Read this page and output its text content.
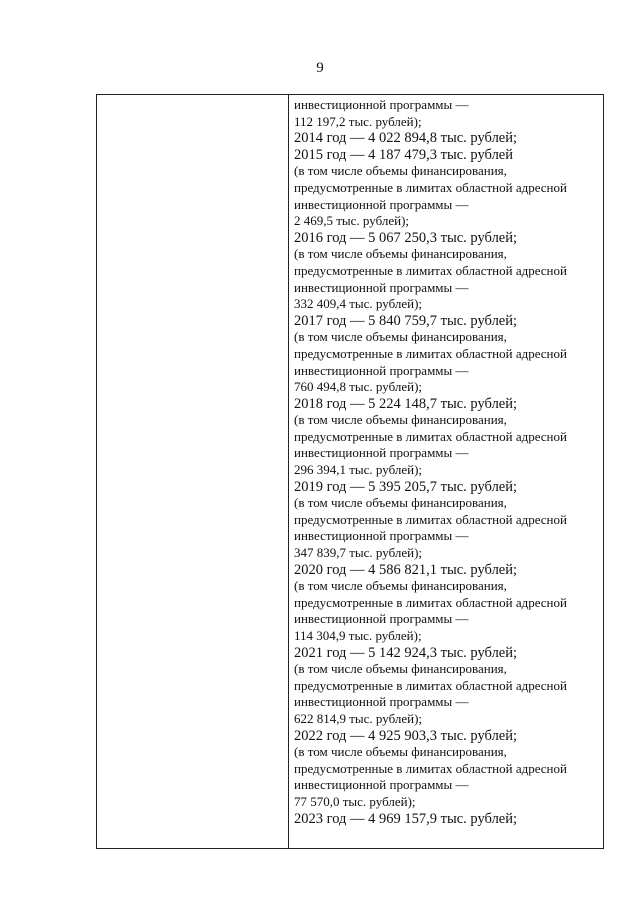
9
инвестиционной программы —
112 197,2 тыс. рублей);
2014 год — 4 022 894,8 тыс. рублей;
2015 год — 4 187 479,3 тыс. рублей
(в том числе объемы финансирования,
предусмотренные в лимитах областной адресной
инвестиционной программы —
2 469,5 тыс. рублей);
2016 год — 5 067 250,3 тыс. рублей;
(в том числе объемы финансирования,
предусмотренные в лимитах областной адресной
инвестиционной программы —
332 409,4 тыс. рублей);
2017 год — 5 840 759,7 тыс. рублей;
(в том числе объемы финансирования,
предусмотренные в лимитах областной адресной
инвестиционной программы —
760 494,8 тыс. рублей);
2018 год — 5 224 148,7 тыс. рублей;
(в том числе объемы финансирования,
предусмотренные в лимитах областной адресной
инвестиционной программы —
296 394,1 тыс. рублей);
2019 год — 5 395 205,7 тыс. рублей;
(в том числе объемы финансирования,
предусмотренные в лимитах областной адресной
инвестиционной программы —
347 839,7 тыс. рублей);
2020 год — 4 586 821,1 тыс. рублей;
(в том числе объемы финансирования,
предусмотренные в лимитах областной адресной
инвестиционной программы —
114 304,9 тыс. рублей);
2021 год — 5 142 924,3 тыс. рублей;
(в том числе объемы финансирования,
предусмотренные в лимитах областной адресной
инвестиционной программы —
622 814,9 тыс. рублей);
2022 год — 4 925 903,3 тыс. рублей;
(в том числе объемы финансирования,
предусмотренные в лимитах областной адресной
инвестиционной программы —
77 570,0 тыс. рублей);
2023 год — 4 969 157,9 тыс. рублей;
